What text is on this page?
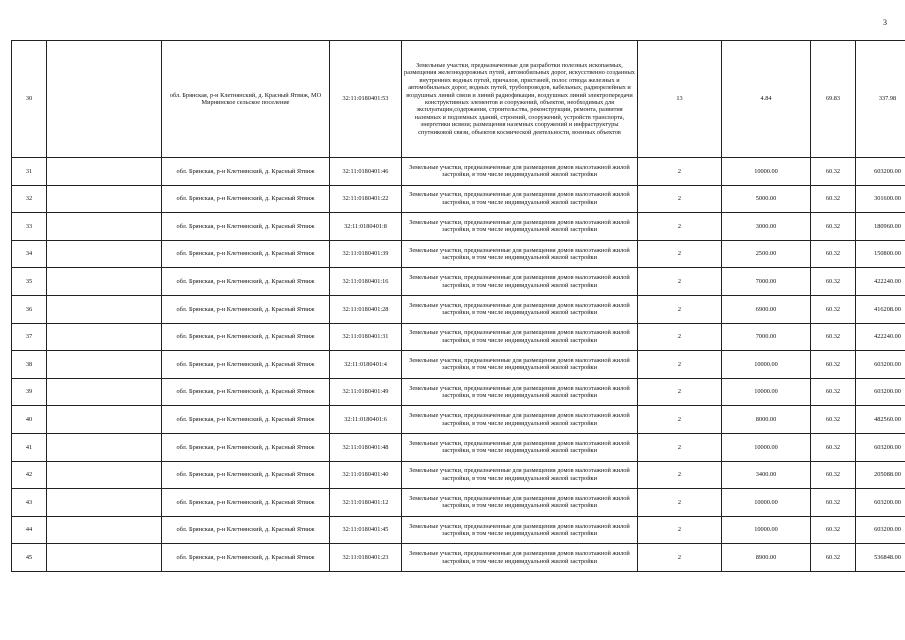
3
30		обл. Брянская, р-н Клетнянский, д. Красный Ятвиж, МО Мирнинское сельское поселение	32:11:0180401:53	Земельные участки, предназначенные для разработки полезных ископаемых, размещения железнодорожных путей, автомобильных дорог, искусственно созданных внутренних водных путей, причалов, пристаней, полос отвода железных и автомобильных дорог, водных путей, трубопроводов, кабельных, радиорелейных и воздушных линий связи и линий радиофикации, воздушных линий электропередачи конструктивных элементов и сооружений, объектов, необходимых для эксплуатации,содержания, строительства, реконструкции, ремонта, развития наземных и подземных зданий, строений, сооружений, устройств транспорта, энергетики исвязи; размещения наземных сооружений и инфраструктуры спутниковой связи, объектов космической деятельности, военных объектов	13	4.84	69.83	337.98
31		обл. Брянская, р-н Клетнянский, д. Красный Ятвиж	32:11:0180401:46	Земельные участки, предназначенные для размещения домов малоэтажной жилой застройки, в том числе индивидуальной жилой застройки	2	10000.00	60.32	603200.00
32		обл. Брянская, р-н Клетнянский, д. Красный Ятвиж	32:11:0180401:22	Земельные участки, предназначенные для размещения домов малоэтажной жилой застройки, в том числе индивидуальной жилой застройки	2	5000.00	60.32	301600.00
33		обл. Брянская, р-н Клетнянский, д. Красный Ятвиж	32:11:0180401:8	Земельные участки, предназначенные для размещения домов малоэтажной жилой застройки, в том числе индивидуальной жилой застройки	2	3000.00	60.32	180960.00
34		обл. Брянская, р-н Клетнянский, д. Красный Ятвиж	32:11:0180401:39	Земельные участки, предназначенные для размещения домов малоэтажной жилой застройки, в том числе индивидуальной жилой застройки	2	2500.00	60.32	150800.00
35		обл. Брянская, р-н Клетнянский, д. Красный Ятвиж	32:11:0180401:16	Земельные участки, предназначенные для размещения домов малоэтажной жилой застройки, в том числе индивидуальной жилой застройки	2	7000.00	60.32	422240.00
36		обл. Брянская, р-н Клетнянский, д. Красный Ятвиж	32:11:0180401:28	Земельные участки, предназначенные для размещения домов малоэтажной жилой застройки, в том числе индивидуальной жилой застройки	2	6900.00	60.32	416208.00
37		обл. Брянская, р-н Клетнянский, д. Красный Ятвиж	32:11:0180401:31	Земельные участки, предназначенные для размещения домов малоэтажной жилой застройки, в том числе индивидуальной жилой застройки	2	7000.00	60.32	422240.00
38		обл. Брянская, р-н Клетнянский, д. Красный Ятвиж	32:11:0180401:4	Земельные участки, предназначенные для размещения домов малоэтажной жилой застройки, в том числе индивидуальной жилой застройки	2	10000.00	60.32	603200.00
39		обл. Брянская, р-н Клетнянский, д. Красный Ятвиж	32:11:0180401:49	Земельные участки, предназначенные для размещения домов малоэтажной жилой застройки, в том числе индивидуальной жилой застройки	2	10000.00	60.32	603200.00
40		обл. Брянская, р-н Клетнянский, д. Красный Ятвиж	32:11:0180401:6	Земельные участки, предназначенные для размещения домов малоэтажной жилой застройки, в том числе индивидуальной жилой застройки	2	8000.00	60.32	482560.00
41		обл. Брянская, р-н Клетнянский, д. Красный Ятвиж	32:11:0180401:48	Земельные участки, предназначенные для размещения домов малоэтажной жилой застройки, в том числе индивидуальной жилой застройки	2	10000.00	60.32	603200.00
42		обл. Брянская, р-н Клетнянский, д. Красный Ятвиж	32:11:0180401:40	Земельные участки, предназначенные для размещения домов малоэтажной жилой застройки, в том числе индивидуальной жилой застройки	2	3400.00	60.32	205088.00
43		обл. Брянская, р-н Клетнянский, д. Красный Ятвиж	32:11:0180401:12	Земельные участки, предназначенные для размещения домов малоэтажной жилой застройки, в том числе индивидуальной жилой застройки	2	10000.00	60.32	603200.00
44		обл. Брянская, р-н Клетнянский, д. Красный Ятвиж	32:11:0180401:45	Земельные участки, предназначенные для размещения домов малоэтажной жилой застройки, в том числе индивидуальной жилой застройки	2	10000.00	60.32	603200.00
45		обл. Брянская, р-н Клетнянский, д. Красный Ятвиж	32:11:0180401:23	Земельные участки, предназначенные для размещения домов малоэтажной жилой застройки, в том числе индивидуальной жилой застройки	2	8900.00	60.32	536848.00
